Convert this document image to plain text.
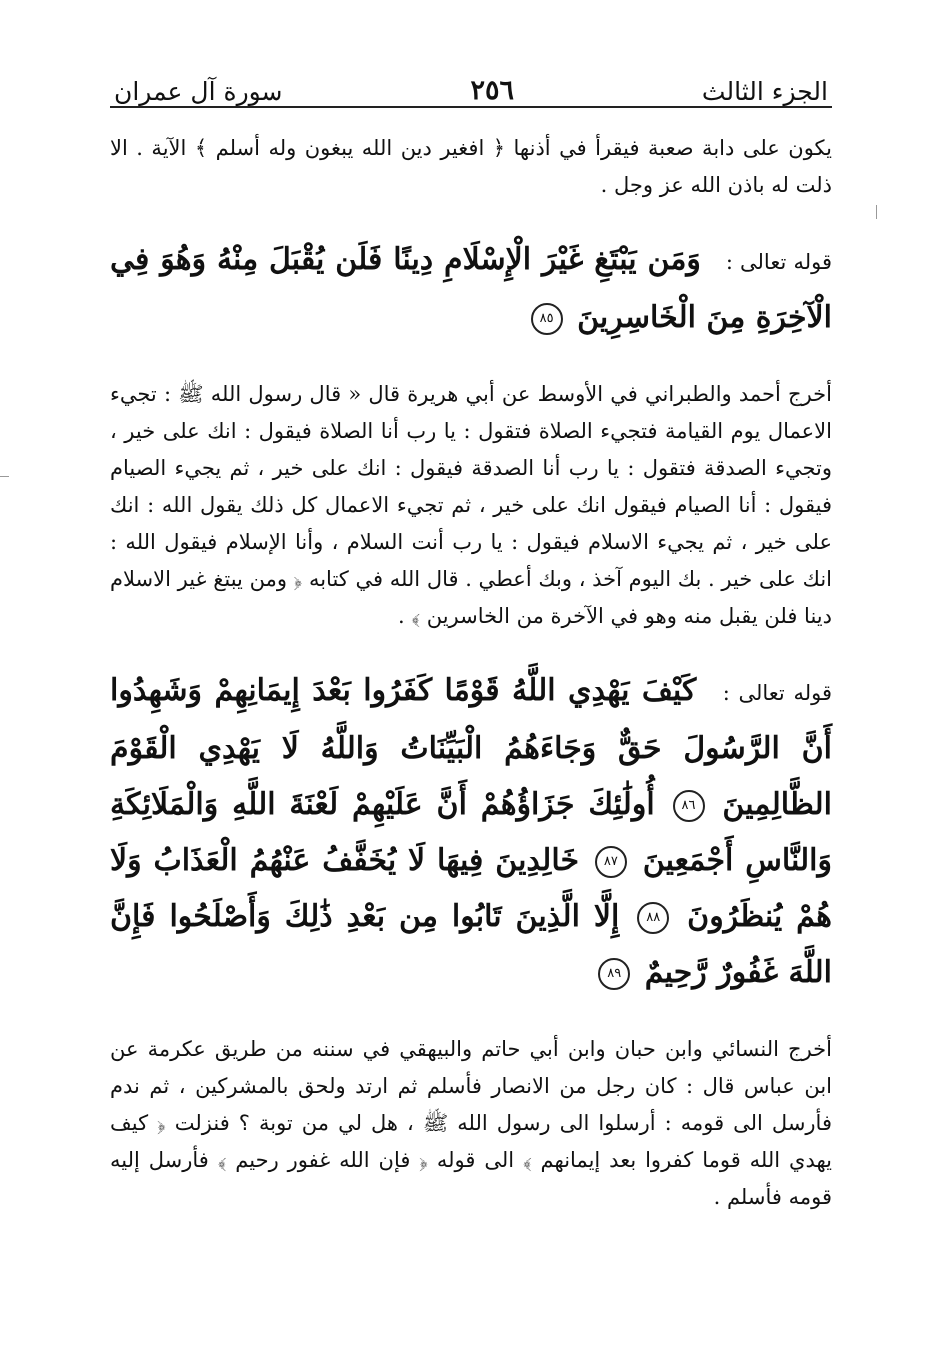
الجزء الثالث
٢٥٦
سورة آل عمران

يكون على دابة صعبة فيقرأ في أذنها ﴿ افغير دين الله يبغون وله أسلم ﴾ الآية . الا ذلت له باذن الله عز وجل .

قوله تعالى : وَمَن يَبْتَغِ غَيْرَ الْإِسْلَامِ دِينًا فَلَن يُقْبَلَ مِنْهُ وَهُوَ فِي الْآخِرَةِ مِنَ الْخَاسِرِينَ ٨٥

أخرج أحمد والطبراني في الأوسط عن أبي هريرة قال « قال رسول الله ﷺ : تجيء الاعمال يوم القيامة فتجيء الصلاة فتقول : يا رب أنا الصلاة فيقول : انك على خير ، وتجيء الصدقة فتقول : يا رب أنا الصدقة فيقول : انك على خير ، ثم يجيء الصيام فيقول : أنا الصيام فيقول انك على خير ، ثم تجيء الاعمال كل ذلك يقول الله : انك على خير ، ثم يجيء الاسلام فيقول : يا رب أنت السلام ، وأنا الإسلام فيقول الله : انك على خير . بك اليوم آخذ ، وبك أعطي . قال الله في كتابه ﴿ ومن يبتغ غير الاسلام دينا فلن يقبل منه وهو في الآخرة من الخاسرين ﴾ .

قوله تعالى : كَيْفَ يَهْدِي اللَّهُ قَوْمًا كَفَرُوا بَعْدَ إِيمَانِهِمْ وَشَهِدُوا أَنَّ الرَّسُولَ حَقٌّ وَجَاءَهُمُ الْبَيِّنَاتُ وَاللَّهُ لَا يَهْدِي الْقَوْمَ الظَّالِمِينَ ٨٦ أُولَٰئِكَ جَزَاؤُهُمْ أَنَّ عَلَيْهِمْ لَعْنَةَ اللَّهِ وَالْمَلَائِكَةِ وَالنَّاسِ أَجْمَعِينَ ٨٧ خَالِدِينَ فِيهَا لَا يُخَفَّفُ عَنْهُمُ الْعَذَابُ وَلَا هُمْ يُنظَرُونَ ٨٨ إِلَّا الَّذِينَ تَابُوا مِن بَعْدِ ذَٰلِكَ وَأَصْلَحُوا فَإِنَّ اللَّهَ غَفُورٌ رَّحِيمٌ ٨٩

أخرج النسائي وابن حبان وابن أبي حاتم والبيهقي في سننه من طريق عكرمة عن ابن عباس قال : كان رجل من الانصار فأسلم ثم ارتد ولحق بالمشركين ، ثم ندم فأرسل الى قومه : أرسلوا الى رسول الله ﷺ ، هل لي من توبة ؟ فنزلت ﴿ كيف يهدي الله قوما كفروا بعد إيمانهم ﴾ الى قوله ﴿ فإن الله غفور رحيم ﴾ فأرسل إليه قومه فأسلم .
